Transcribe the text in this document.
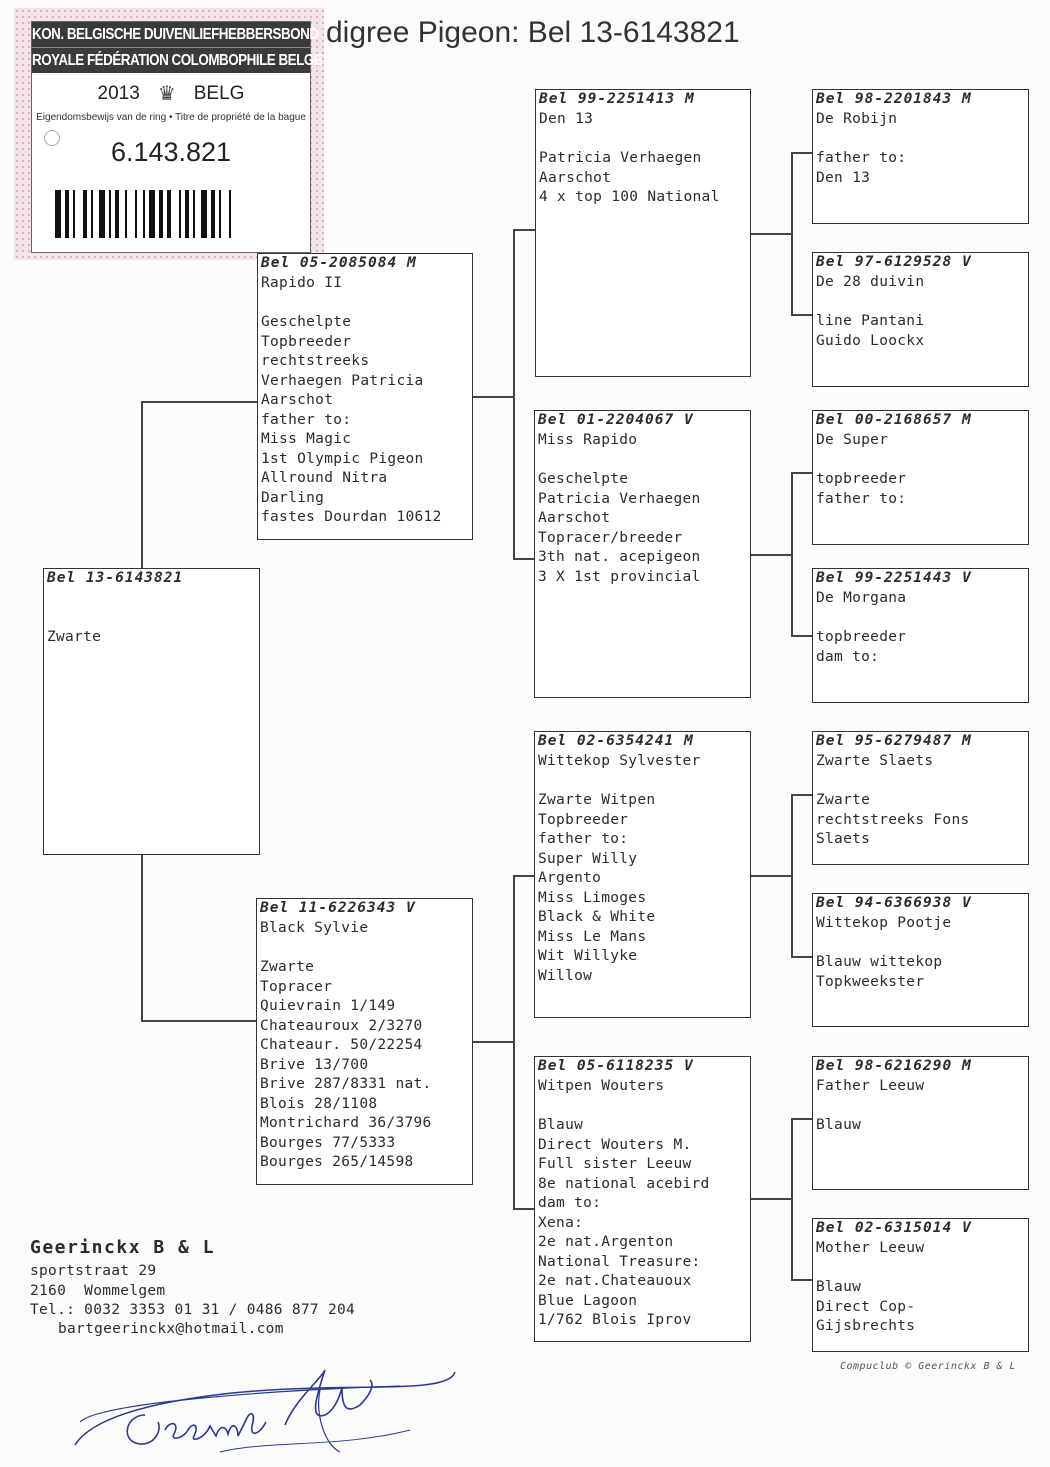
digree Pigeon: Bel 13-6143821
KON. BELGISCHE DUIVENLIEFHEBBERSBOND
ROYALE FÉDÉRATION COLOMBOPHILE BELGE
2013 ♛ BELG
Eigendomsbewijs van de ring • Titre de propriété de la bague
6.143.821
Bel 13-6143821
Zwarte
Bel 05-2085084 M
Rapido II
Geschelpte
Topbreeder
rechtstreeks
Verhaegen Patricia
Aarschot
father to:
Miss Magic
1st Olympic Pigeon
Allround Nitra
Darling
fastes Dourdan 10612
Bel 11-6226343 V
Black Sylvie
Zwarte
Topracer
Quievrain 1/149
Chateauroux 2/3270
Chateaur. 50/22254
Brive 13/700
Brive 287/8331 nat.
Blois 28/1108
Montrichard 36/3796
Bourges 77/5333
Bourges 265/14598
Bel 99-2251413 M
Den 13
Patricia Verhaegen
Aarschot
4 x top 100 National
Bel 01-2204067 V
Miss Rapido
Geschelpte
Patricia Verhaegen
Aarschot
Topracer/breeder
3th nat. acepigeon
3 X 1st provincial
Bel 02-6354241 M
Wittekop Sylvester
Zwarte Witpen
Topbreeder
father to:
Super Willy
Argento
Miss Limoges
Black & White
Miss Le Mans
Wit Willyke
Willow
Bel 05-6118235 V
Witpen Wouters
Blauw
Direct Wouters M.
Full sister Leeuw
8e national acebird
dam to:
Xena:
2e nat.Argenton
National Treasure:
2e nat.Chateauoux
Blue Lagoon
1/762 Blois Iprov
Bel 98-2201843 M
De Robijn
father to:
Den 13
Bel 97-6129528 V
De 28 duivin
line Pantani
Guido Loockx
Bel 00-2168657 M
De Super
topbreeder
father to:
Bel 99-2251443 V
De Morgana
topbreeder
dam to:
Bel 95-6279487 M
Zwarte Slaets
Zwarte
rechtstreeks Fons
Slaets
Bel 94-6366938 V
Wittekop Pootje
Blauw wittekop
Topkweekster
Bel 98-6216290 M
Father Leeuw
Blauw
Bel 02-6315014 V
Mother Leeuw
Blauw
Direct Cop-
Gijsbrechts
Geerinckx B & L
sportstraat 29
2160  Wommelgem
Tel.: 0032 3353 01 31 / 0486 877 204
bartgeerinckx@hotmail.com
Compuclub © Geerinckx B & L
